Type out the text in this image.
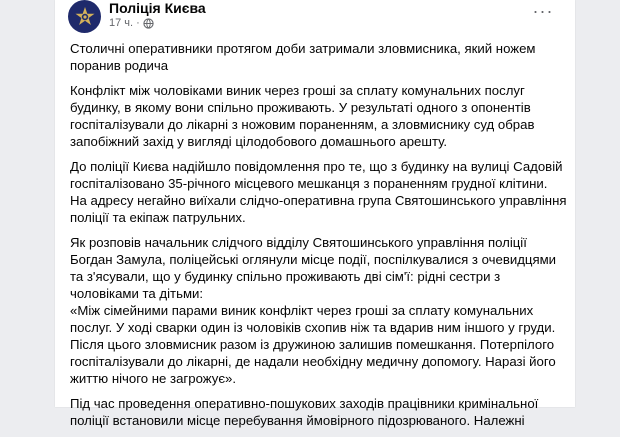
Поліція Києва
17 ч. ·
···

Столичні оперативники протягом доби затримали зловмисника, який ножем поранив родича

Конфлікт між чоловіками виник через гроші за сплату комунальних послуг будинку, в якому вони спільно проживають. У результаті одного з опонентів госпіталізували до лікарні з ножовим пораненням, а зловмиснику суд обрав запобіжний захід у вигляді цілодобового домашнього арешту.

До поліції Києва надійшло повідомлення про те, що з будинку на вулиці Садовій госпіталізовано 35-річного місцевого мешканця з пораненням грудної клітини. На адресу негайно виїхали слідчо-оперативна група Святошинського управління поліції та екіпаж патрульних.

Як розповів начальник слідчого відділу Святошинського управління поліції Богдан Замула, поліцейські оглянули місце події, поспілкувалися з очевидцями та з'ясували, що у будинку спільно проживають дві сім'ї: рідні сестри з чоловіками та дітьми:
«Між сімейними парами виник конфлікт через гроші за сплату комунальних послуг. У ході сварки один із чоловіків схопив ніж та вдарив ним іншого у груди. Після цього зловмисник разом із дружиною залишив помешкання. Потерпілого госпіталізували до лікарні, де надали необхідну медичну допомогу. Наразі його життю нічого не загрожує».

Під час проведення оперативно-пошукових заходів працівники кримінальної поліції встановили місце перебування ймовірного підозрюваного. Належні
